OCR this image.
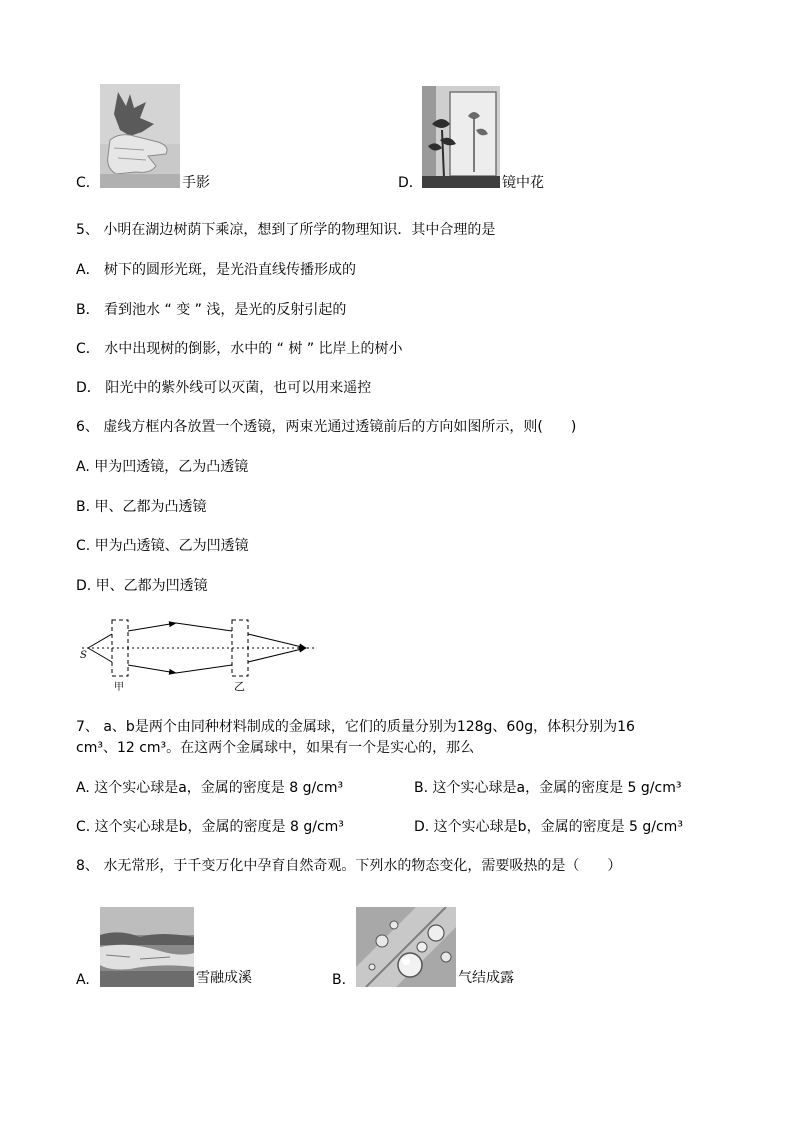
C．	手影	D．	镜中花
5、 小明在湖边树荫下乘凉，想到了所学的物理知识．其中合理的是
A． 树下的圆形光斑，是光沿直线传播形成的
B． 看到池水 “ 变 ” 浅，是光的反射引起的
C． 水中出现树的倒影，水中的 “ 树 ” 比岸上的树小
D． 阳光中的紫外线可以灭菌，也可以用来遥控
6、 虚线方框内各放置一个透镜，两束光通过透镜前后的方向如图所示，则(　　)
A. 甲为凹透镜，乙为凸透镜
B. 甲、乙都为凸透镜
C. 甲为凸透镜、乙为凹透镜
D. 甲、乙都为凹透镜
S
甲	乙
7、 a、b是两个由同种材料制成的金属球，它们的质量分别为128g、60g，体积分别为16
cm³、12 cm³。在这两个金属球中，如果有一个是实心的，那么
A. 这个实心球是a，金属的密度是 8 g/cm³	B. 这个实心球是a，金属的密度是 5 g/cm³
C. 这个实心球是b，金属的密度是 8 g/cm³	D. 这个实心球是b，金属的密度是 5 g/cm³
8、 水无常形，于千变万化中孕育自然奇观。下列水的物态变化，需要吸热的是（　　）
A.	雪融成溪	B.	气结成露
